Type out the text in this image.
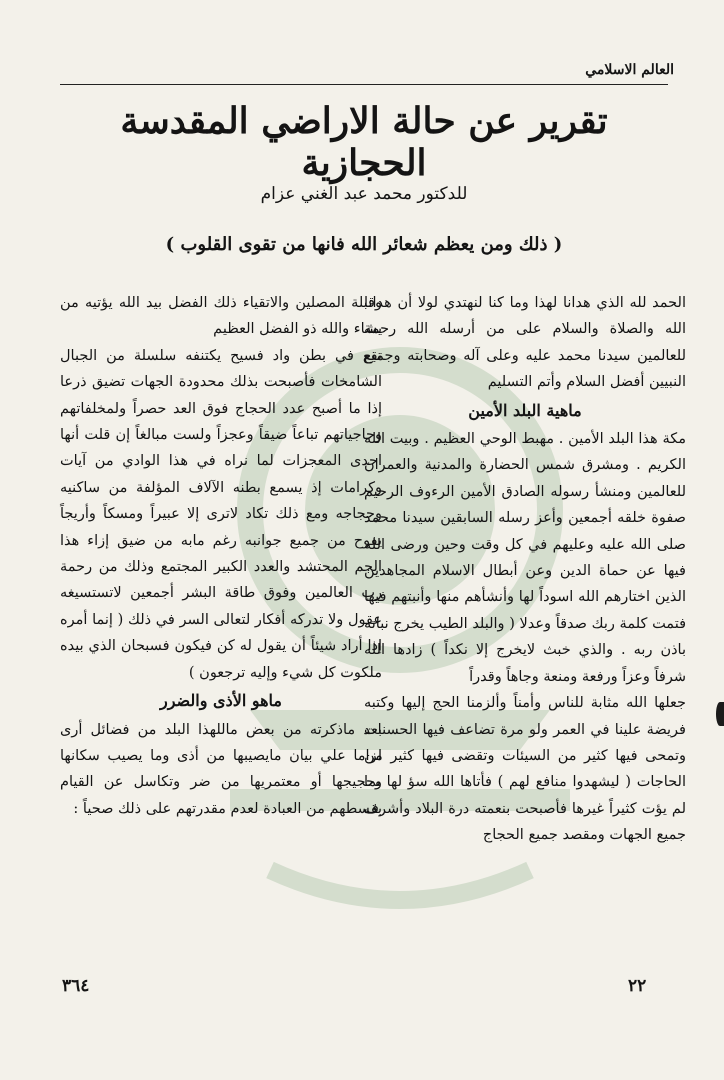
العالم الاسلامي
تقرير عن حالة الاراضي المقدسة الحجازية
للدكتور محمد عبد الغني عزام
( ذلك ومن يعظم شعائر الله فانها من تقوى القلوب )

الحمد لله الذي هدانا لهذا وما كنا لنهتدي لولا أن هدانا الله والصلاة والسلام على من أرسله الله رحمة للعالمين سيدنا محمد عليه وعلى آله وصحابته وجميع النبيين أفضل السلام وأتم التسليم

ماهية البلد الأمين

مكة هذا البلد الأمين . مهبط الوحي العظيم . وبيت الله الكريم . ومشرق شمس الحضارة والمدنية والعمران للعالمين ومنشأ رسوله الصادق الأمين الرءوف الرحيم صفوة خلقه أجمعين وأعز رسله السابقين سيدنا محمد صلى الله عليه وعليهم في كل وقت وحين ورضى الله فيها عن حماة الدين وعن أبطال الاسلام المجاهدين الذين اختارهم الله اسوداً لها وأنشأهم منها وأنبتهم فيها فتمت كلمة ربك صدقاً وعدلا ( والبلد الطيب يخرج نباته باذن ربه . والذي خبث لايخرج إلا نكداً ) زادها الله شرفاً وعزاً ورفعة ومنعة وجاهاً وقدراً

جعلها الله مثابة للناس وأمناً وألزمنا الحج إليها وكتبه فريضة علينا في العمر ولو مرة تضاعف فيها الحسنات وتمحى فيها كثير من السيئات وتقضى فيها كثير من الحاجات ( ليشهدوا منافع لهم ) فأتاها الله سؤ لها بما لم يؤت كثيراً غيرها فأصبحت بنعمته درة البلاد وأشرف جميع الجهات ومقصد جميع الحجاج

وقبلة المصلين والاتقياء ذلك الفضل بيد الله يؤتيه من يشاء والله ذو الفضل العظيم

تقع في بطن واد فسيح يكتنفه سلسلة من الجبال الشامخات فأصبحت بذلك محدودة الجهات تضيق ذرعا إذا ما أصبح عدد الحجاج فوق العد حصراً ولمخلفاتهم وحاجياتهم تباعاً ضيقاً وعجزاً ولست مبالغاً إن قلت أنها احدى المعجزات لما نراه في هذا الوادي من آيات وكرامات إذ يسمع بطنه الآلاف المؤلفة من ساكنيه وحجاجه ومع ذلك تكاد لاترى إلا عبيراً ومسكاً وأريجاً يفوح من جميع جوانبه رغم مابه من ضيق إزاء هذا الجم المحتشد والعدد الكبير المجتمع وذلك من رحمة رب العالمين وفوق طاقة البشر أجمعين لاتستسيغه عقول ولا تدركه أفكار لتعالى السر في ذلك ( إنما أمره إذا أراد شيئاً أن يقول له كن فيكون فسبحان الذي بيده ملكوت كل شيء وإليه ترجعون )

ماهو الأذى والضرر

بعد ماذكرته من بعض ماللهذا البلد من فضائل أرى لزاما علي بيان مايصيبها من أذى وما يصيب سكانها وحجيجها أو معتمريها من ضر وتكاسل عن القيام بقسطهم من العبادة لعدم مقدرتهم على ذلك صحياً :

٣٦٤	٢٢
